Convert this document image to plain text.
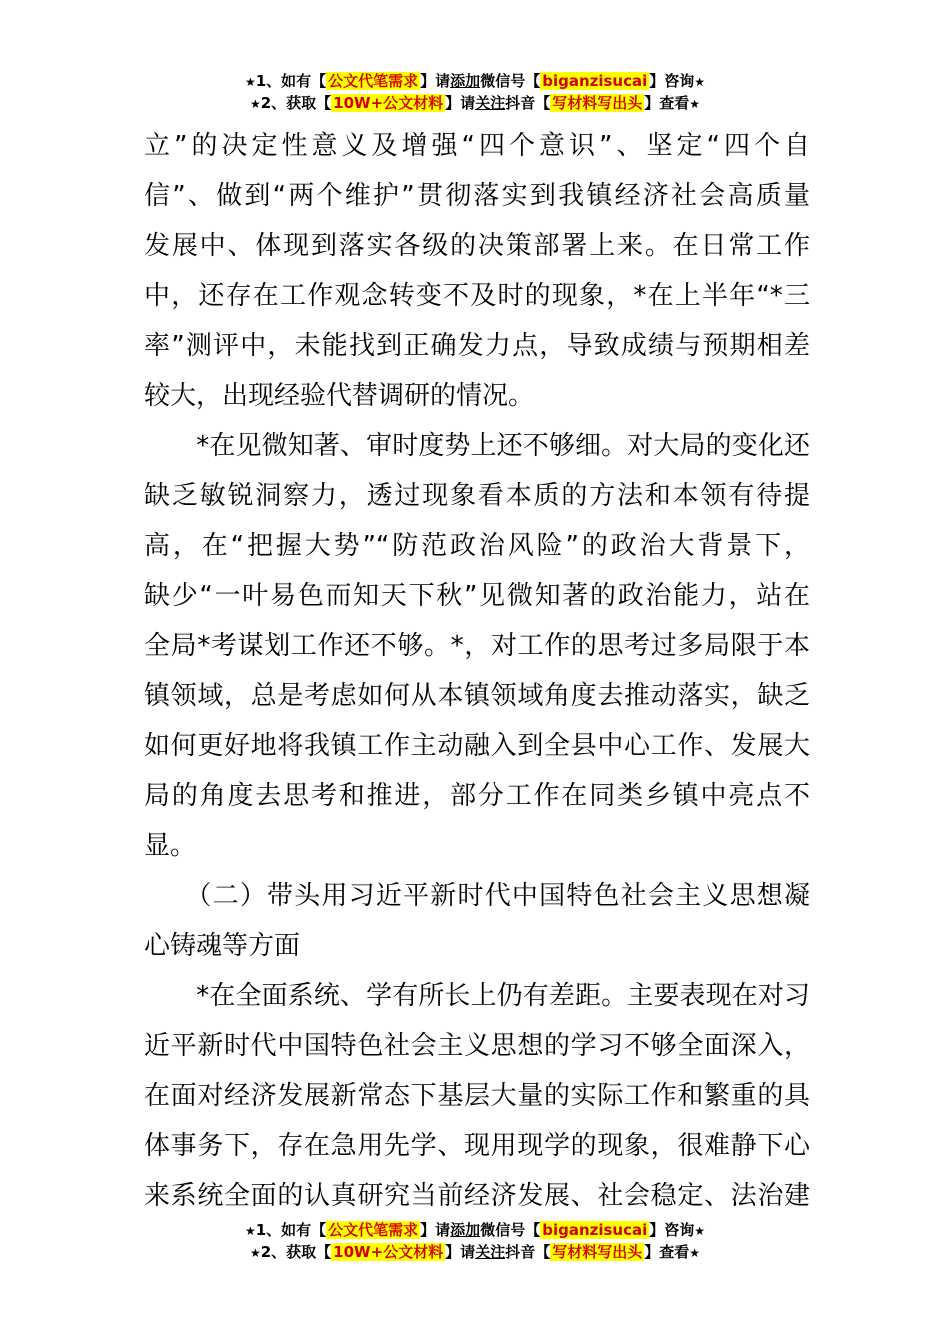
★1、如有【 公文代笔需求 】请添加微信号【 biganzisucai 】咨询★
★2、获取【 10W+公文材料 】请关注抖音【 写材料写出头 】查看★
立”的决定性意义及增强“四个意识”、坚定“四个自
信”、做到“两个维护”贯彻落实到我镇经济社会高质量
发展中、体现到落实各级的决策部署上来。在日常工作
中，还存在工作观念转变不及时的现象，*在上半年“*三
率”测评中，未能找到正确发力点，导致成绩与预期相差
较大，出现经验代替调研的情况。
　　*在见微知著、审时度势上还不够细。对大局的变化还
缺乏敏锐洞察力，透过现象看本质的方法和本领有待提
高，在“把握大势”“防范政治风险”的政治大背景下，
缺少“一叶易色而知天下秋”见微知著的政治能力，站在
全局*考谋划工作还不够。*，对工作的思考过多局限于本
镇领域，总是考虑如何从本镇领域角度去推动落实，缺乏
如何更好地将我镇工作主动融入到全县中心工作、发展大
局的角度去思考和推进，部分工作在同类乡镇中亮点不
显。
　　（二）带头用习近平新时代中国特色社会主义思想凝
心铸魂等方面
　　*在全面系统、学有所长上仍有差距。主要表现在对习
近平新时代中国特色社会主义思想的学习不够全面深入，
在面对经济发展新常态下基层大量的实际工作和繁重的具
体事务下，存在急用先学、现用现学的现象，很难静下心
来系统全面的认真研究当前经济发展、社会稳定、法治建
★1、如有【 公文代笔需求 】请添加微信号【 biganzisucai 】咨询★
★2、获取【 10W+公文材料 】请关注抖音【 写材料写出头 】查看★
